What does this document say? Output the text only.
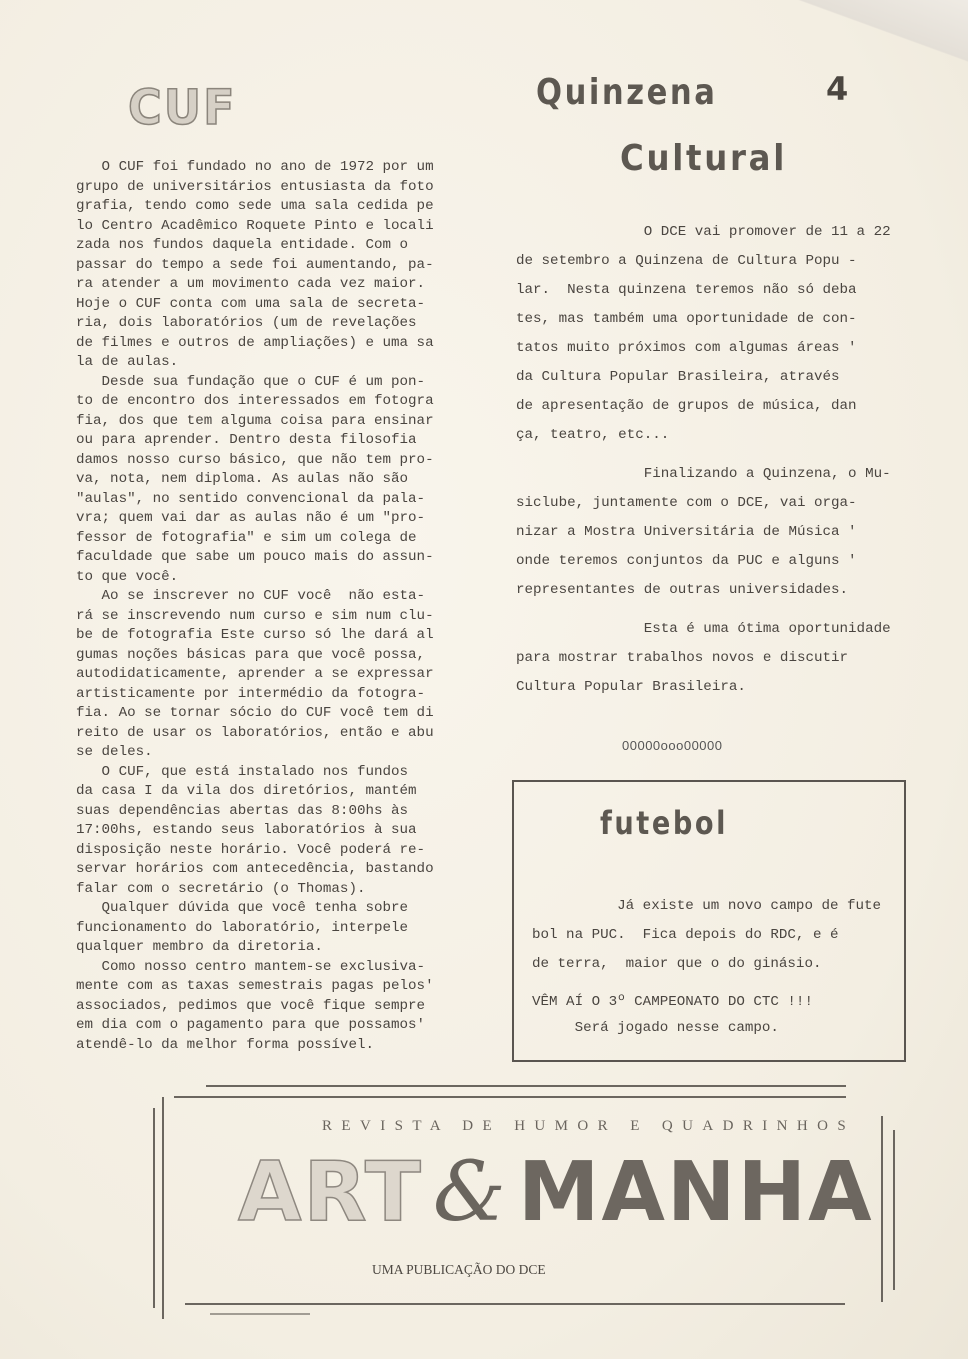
CUF

O CUF foi fundado no ano de 1972 por um

grupo de universitários entusiasta da foto

grafia, tendo como sede uma sala cedida pe

lo Centro Acadêmico Roquete Pinto e locali

zada nos fundos daquela entidade. Com o

passar do tempo a sede foi aumentando, pa-

ra atender a um movimento cada vez maior.

Hoje o CUF conta com uma sala de secreta-

ria, dois laboratórios (um de revelações

de filmes e outros de ampliações) e uma sa

la de aulas.

Desde sua fundação que o CUF é um pon-

to de encontro dos interessados em fotogra

fia, dos que tem alguma coisa para ensinar

ou para aprender. Dentro desta filosofia

damos nosso curso básico, que não tem pro-

va, nota, nem diploma. As aulas não são

"aulas", no sentido convencional da pala-

vra; quem vai dar as aulas não é um "pro-

fessor de fotografia" e sim um colega de

faculdade que sabe um pouco mais do assun-

to que você.

Ao se inscrever no CUF você  não esta-

rá se inscrevendo num curso e sim num clu-

be de fotografia Este curso só lhe dará al

gumas noções básicas para que você possa,

autodidaticamente, aprender a se expressar

artisticamente por intermédio da fotogra-

fia. Ao se tornar sócio do CUF você tem di

reito de usar os laboratórios, então e abu

se deles.

O CUF, que está instalado nos fundos

da casa I da vila dos diretórios, mantém

suas dependências abertas das 8:00hs às

17:00hs, estando seus laboratórios à sua

disposição neste horário. Você poderá re-

servar horários com antecedência, bastando

falar com o secretário (o Thomas).

Qualquer dúvida que você tenha sobre

funcionamento do laboratório, interpele

qualquer membro da diretoria.

Como nosso centro mantem-se exclusiva-

mente com as taxas semestrais pagas pelos'

associados, pedimos que você fique sempre

em dia com o pagamento para que possamos'

atendê-lo da melhor forma possível.

Quinzena	4
Cultural

O DCE vai promover de 11 a 22

de setembro a Quinzena de Cultura Popu -

lar.  Nesta quinzena teremos não só deba

tes, mas também uma oportunidade de con-

tatos muito próximos com algumas áreas '

da Cultura Popular Brasileira, através

de apresentação de grupos de música, dan

ça, teatro, etc...

Finalizando a Quinzena, o Mu-

siclube, juntamente com o DCE, vai orga-

nizar a Mostra Universitária de Música '

onde teremos conjuntos da PUC e alguns '

representantes de outras universidades.

Esta é uma ótima oportunidade

para mostrar trabalhos novos e discutir

Cultura Popular Brasileira.

00000ooo00000
futebol

Já existe um novo campo de fute

bol na PUC.  Fica depois do RDC, e é

de terra,  maior que o do ginásio.

VÊM AÍ O 3º CAMPEONATO DO CTC !!!

Será jogado nesse campo.

REVISTA DE HUMOR E QUADRINHOS
ART & MANHA
UMA PUBLICAÇÃO DO DCE
